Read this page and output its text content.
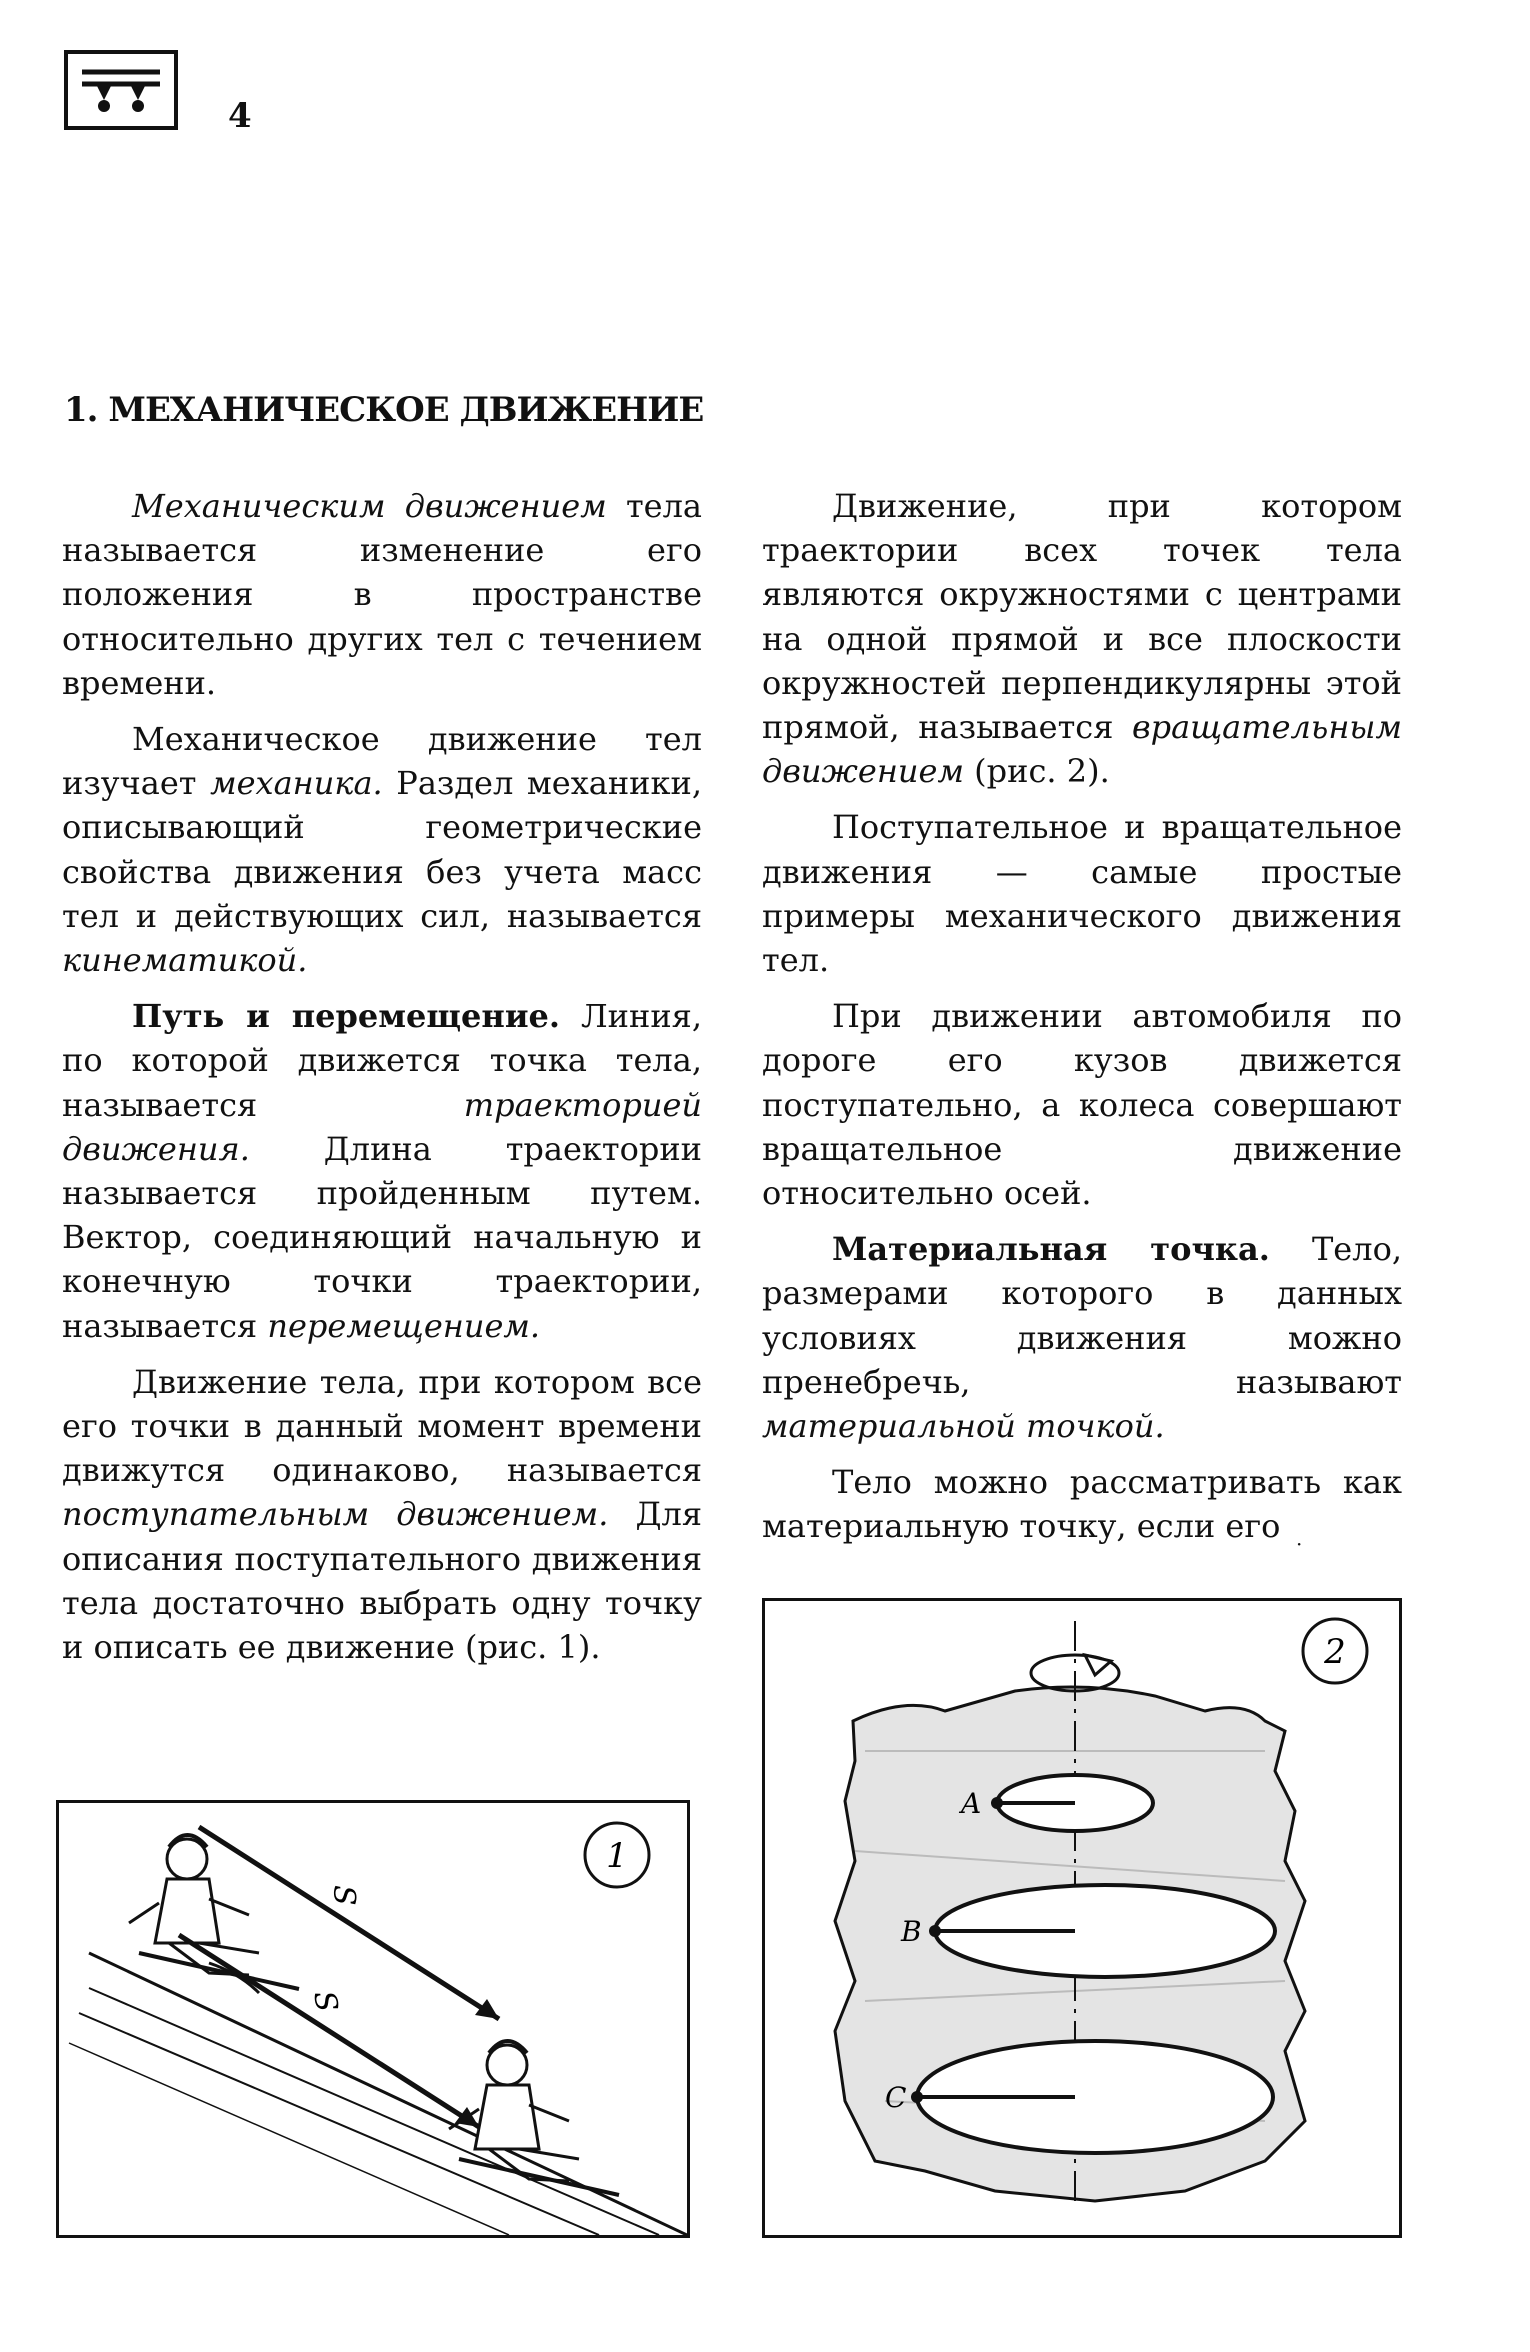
4
1. МЕХАНИЧЕСКОЕ ДВИЖЕНИЕ

Механическим движением тела называется изменение его положения в пространстве относительно других тел с течением времени.

Механическое движение тел изучает механика. Раздел механики, описывающий геометрические свойства движения без учета масс тел и действующих сил, называется кинематикой.

Путь и перемещение. Линия, по которой движется точка тела, называется траекторией движения. Длина траектории называется пройденным путем. Вектор, соединяющий начальную и конечную точки траектории, называется перемещением.

Движение тела, при котором все его точки в данный момент времени движутся одинаково, называется поступательным движением. Для описания поступательного движения тела достаточно выбрать одну точку и описать ее движение (рис. 1).

Движение, при котором траектории всех точек тела являются окружностями с центрами на одной прямой и все плоскости окружностей перпендикулярны этой прямой, называется вращательным движением (рис. 2).

Поступательное и вращательное движения — самые простые примеры механического движения тел.

При движении автомобиля по дороге его кузов движется поступательно, а колеса совершают вращательное движение относительно осей.

Материальная точка. Тело, размерами которого в данных условиях движения можно пренебречь, называют материальной точкой.

Тело можно рассматривать как материальную точку, если его ·
S
S
1
A
B
C
2
